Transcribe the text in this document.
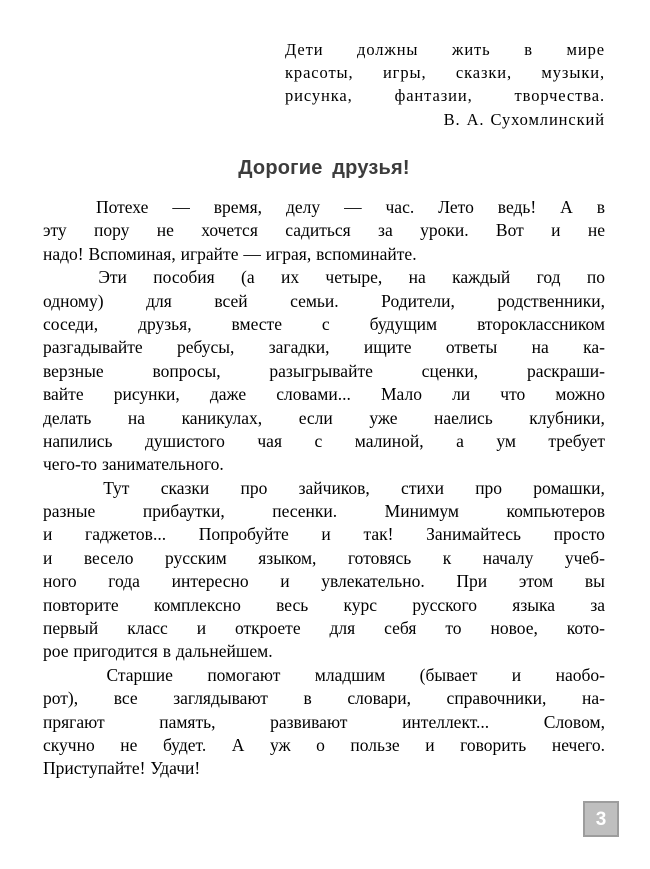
Дети должны жить в мире
красоты, игры, сказки, музыки,
рисунка,	фантазии,	творчества.
В. А. Сухомлинский
Дорогие друзья!
Потехе — время, делу — час. Лето ведь! А в
эту пору не хочется садиться за уроки. Вот и не
надо! Вспоминая, играйте — играя, вспоминайте.
Эти пособия (а их четыре, на каждый год по
одному) для всей семьи. Родители, родственники,
соседи, друзья, вместе с будущим второклассником
разгадывайте ребусы, загадки, ищите ответы на ка-
верзные	вопросы,	разыгрывайте	сценки,	раскраши-
вайте рисунки, даже словами... Мало ли что можно
делать на каникулах, если уже наелись клубники,
напились душистого чая с малиной, а ум требует
чего-то занимательного.
Тут сказки про зайчиков, стихи про ромашки,
разные	прибаутки,	песенки.	Минимум	компьютеров
и гаджетов... Попробуйте и так! Занимайтесь просто
и весело русским языком, готовясь к началу учеб-
ного года интересно и увлекательно. При этом вы
повторите комплексно весь курс русского языка за
первый класс и откроете для себя то новое, кото-
рое пригодится в дальнейшем.
Старшие помогают младшим (бывает и наобо-
рот), все заглядывают в словари, справочники, на-
прягают	память,	развивают	интеллект...	Словом,
скучно не будет. А уж о пользе и говорить нечего.
Приступайте! Удачи!
3
